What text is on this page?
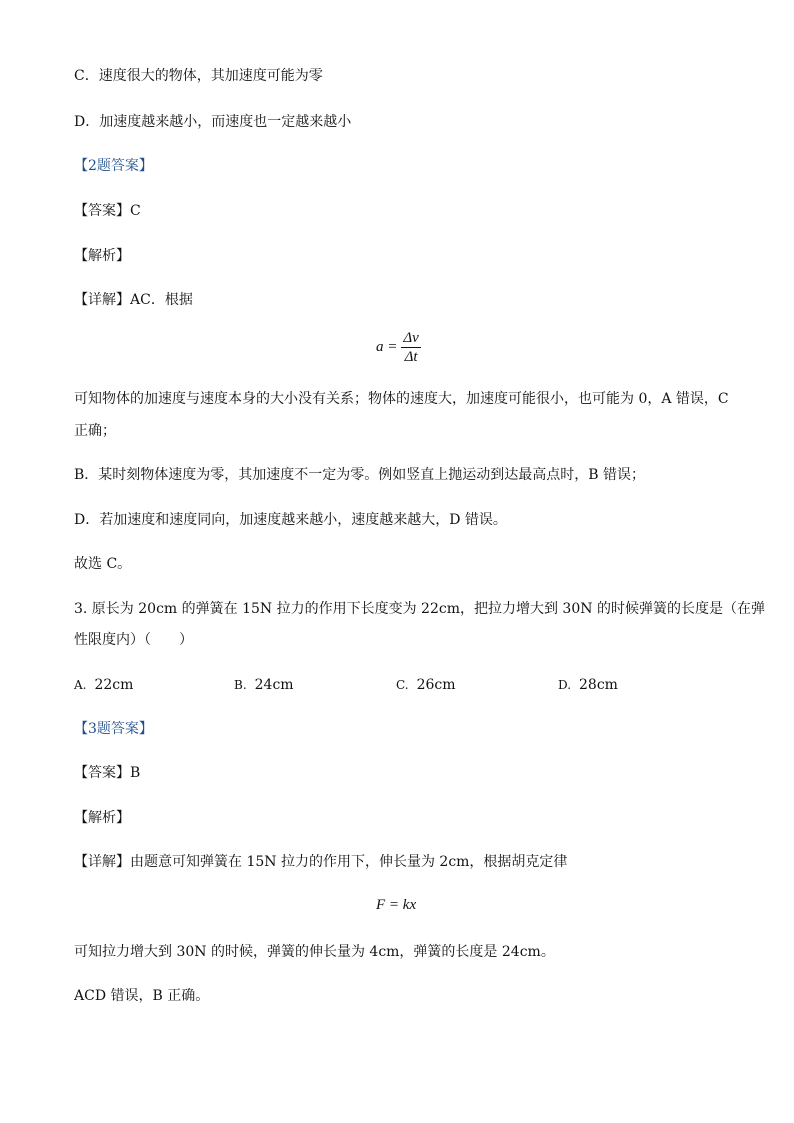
C．速度很大的物体，其加速度可能为零
D．加速度越来越小，而速度也一定越来越小
【2题答案】
【答案】C
【解析】
【详解】AC．根据
$a = \frac{\Delta v}{\Delta t}$
可知物体的加速度与速度本身的大小没有关系；物体的速度大，加速度可能很小，也可能为 0，A 错误，C
正确；
B．某时刻物体速度为零，其加速度不一定为零。例如竖直上抛运动到达最高点时，B 错误；
D．若加速度和速度同向，加速度越来越小，速度越来越大，D 错误。
故选 C。
3. 原长为 20cm 的弹簧在 15N 拉力的作用下长度变为 22cm，把拉力增大到 30N 的时候弹簧的长度是（在弹
性限度内）（　　）
A. 22cm	B. 24cm	C. 26cm	D. 28cm
【3题答案】
【答案】B
【解析】
【详解】由题意可知弹簧在 15N 拉力的作用下，伸长量为 2cm，根据胡克定律
F = kx
可知拉力增大到 30N 的时候，弹簧的伸长量为 4cm，弹簧的长度是 24cm。
ACD 错误，B 正确。
